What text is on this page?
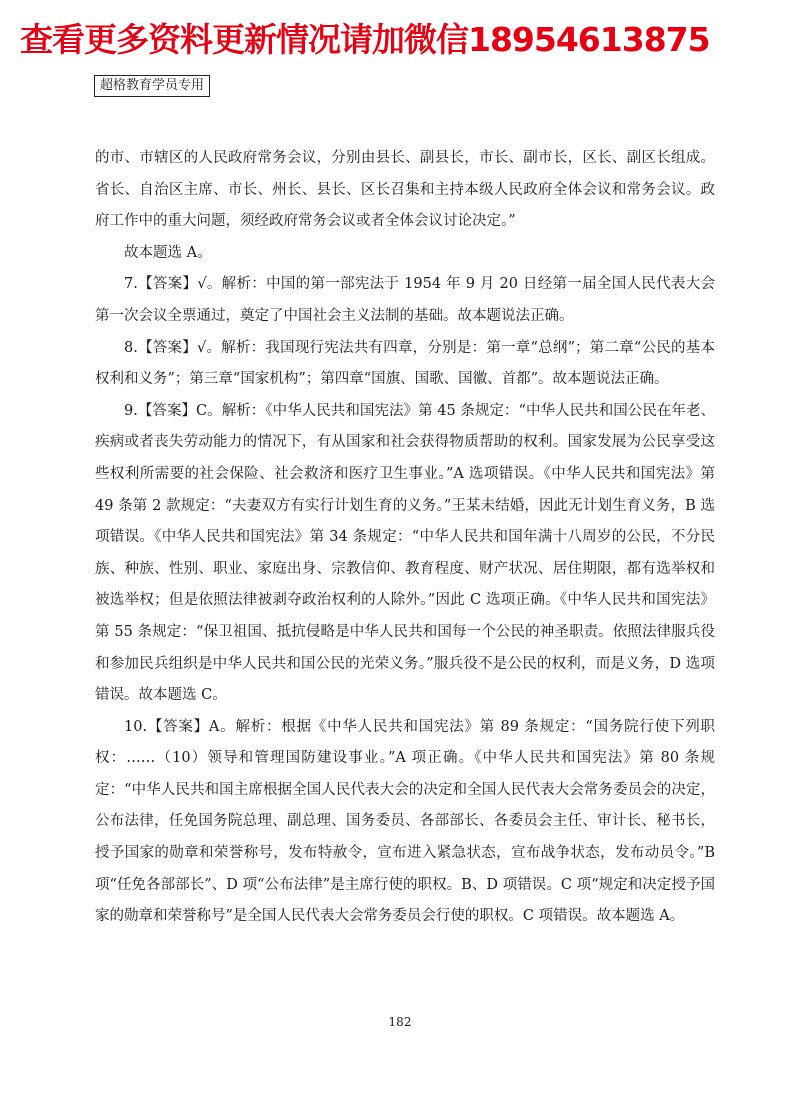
查看更多资料更新情况请加微信18954613875
超格教育学员专用

的市、市辖区的人民政府常务会议，分别由县长、副县长，市长、副市长，区长、副区长组成。省长、自治区主席、市长、州长、县长、区长召集和主持本级人民政府全体会议和常务会议。政府工作中的重大问题，须经政府常务会议或者全体会议讨论决定。”

故本题选 A。

7.【答案】√。解析：中国的第一部宪法于 1954 年 9 月 20 日经第一届全国人民代表大会第一次会议全票通过，奠定了中国社会主义法制的基础。故本题说法正确。

8.【答案】√。解析：我国现行宪法共有四章，分别是：第一章“总纲”；第二章“公民的基本权利和义务”；第三章“国家机构”；第四章“国旗、国歌、国徽、首都”。故本题说法正确。

9.【答案】C。解析：《中华人民共和国宪法》第 45 条规定：“中华人民共和国公民在年老、疾病或者丧失劳动能力的情况下，有从国家和社会获得物质帮助的权利。国家发展为公民享受这些权利所需要的社会保险、社会救济和医疗卫生事业。”A 选项错误。《中华人民共和国宪法》第 49 条第 2 款规定：“夫妻双方有实行计划生育的义务。”王某未结婚，因此无计划生育义务，B 选项错误。《中华人民共和国宪法》第 34 条规定：“中华人民共和国年满十八周岁的公民，不分民族、种族、性别、职业、家庭出身、宗教信仰、教育程度、财产状况、居住期限，都有选举权和被选举权；但是依照法律被剥夺政治权利的人除外。”因此 C 选项正确。《中华人民共和国宪法》第 55 条规定：“保卫祖国、抵抗侵略是中华人民共和国每一个公民的神圣职责。依照法律服兵役和参加民兵组织是中华人民共和国公民的光荣义务。”服兵役不是公民的权利，而是义务，D 选项错误。故本题选 C。

10.【答案】A。解析：根据《中华人民共和国宪法》第 89 条规定：“国务院行使下列职权：……（10）领导和管理国防建设事业。”A 项正确。《中华人民共和国宪法》第 80 条规定：“中华人民共和国主席根据全国人民代表大会的决定和全国人民代表大会常务委员会的决定，公布法律，任免国务院总理、副总理、国务委员、各部部长、各委员会主任、审计长、秘书长，授予国家的勋章和荣誉称号，发布特赦令，宣布进入紧急状态，宣布战争状态，发布动员令。”B 项“任免各部部长”、D 项“公布法律”是主席行使的职权。B、D 项错误。C 项“规定和决定授予国家的勋章和荣誉称号”是全国人民代表大会常务委员会行使的职权。C 项错误。故本题选 A。

182
